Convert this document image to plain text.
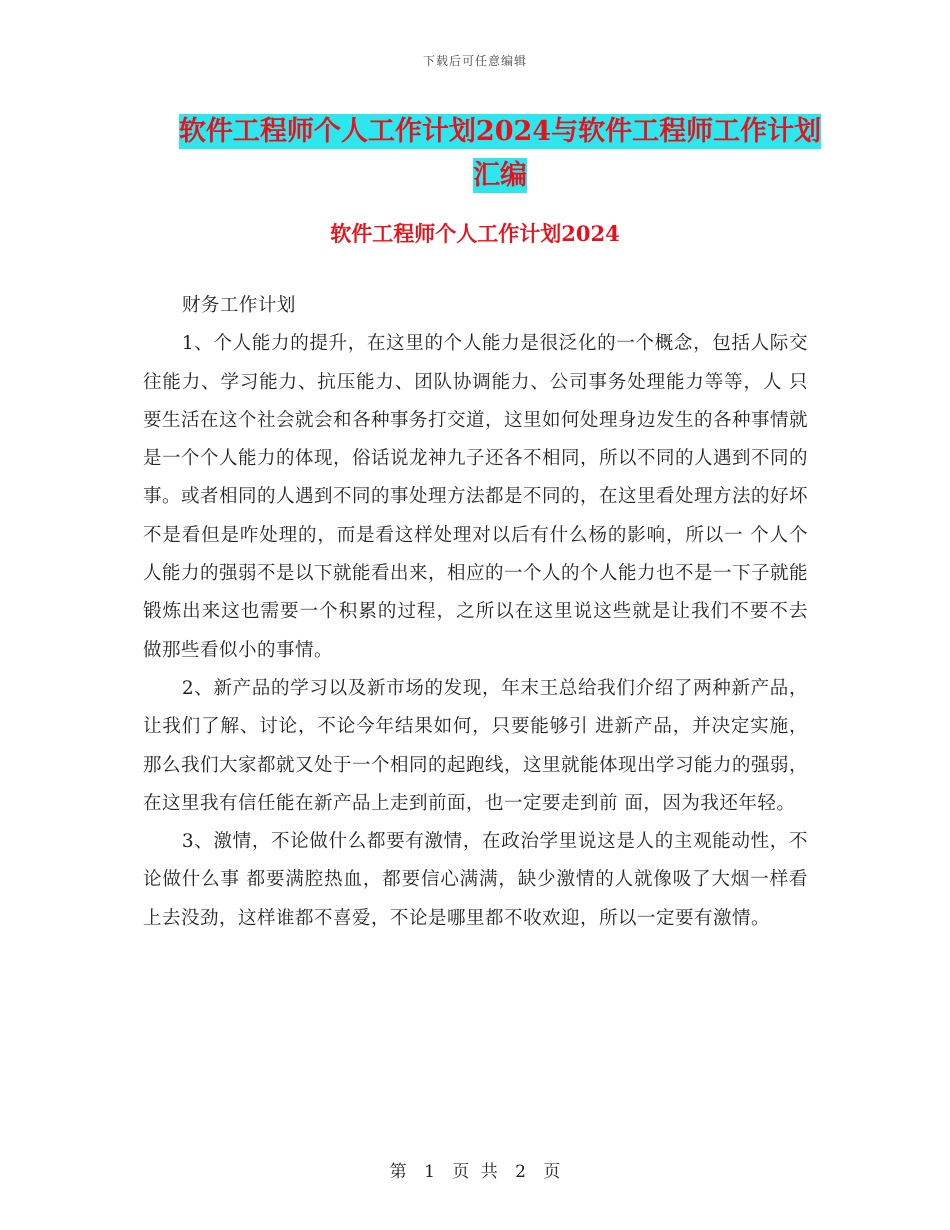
下载后可任意编辑
软件工程师个人工作计划2024与软件工程师工作计划
汇编
软件工程师个人工作计划2024

财务工作计划

1、个人能力的提升，在这里的个人能力是很泛化的一个概念，包括人际交往能力、学习能力、抗压能力、团队协调能力、公司事务处理能力等等，人 只要生活在这个社会就会和各种事务打交道，这里如何处理身边发生的各种事情就是一个个人能力的体现，俗话说龙神九子还各不相同，所以不同的人遇到不同的 事。或者相同的人遇到不同的事处理方法都是不同的，在这里看处理方法的好坏不是看但是咋处理的，而是看这样处理对以后有什么杨的影响，所以一 个人个人能力的强弱不是以下就能看出来，相应的一个人的个人能力也不是一下子就能锻炼出来这也需要一个积累的过程，之所以在这里说这些就是让我们不要不去 做那些看似小的事情。

2、新产品的学习以及新市场的发现，年末王总给我们介绍了两种新产品，让我们了解、讨论，不论今年结果如何，只要能够引 进新产品，并决定实施，那么我们大家都就又处于一个相同的起跑线，这里就能体现出学习能力的强弱，在这里我有信任能在新产品上走到前面，也一定要走到前 面，因为我还年轻。

3、激情，不论做什么都要有激情，在政治学里说这是人的主观能动性，不论做什么事 都要满腔热血，都要信心满满，缺少激情的人就像吸了大烟一样看上去没劲，这样谁都不喜爱，不论是哪里都不收欢迎，所以一定要有激情。

第 1 页 共 2 页
